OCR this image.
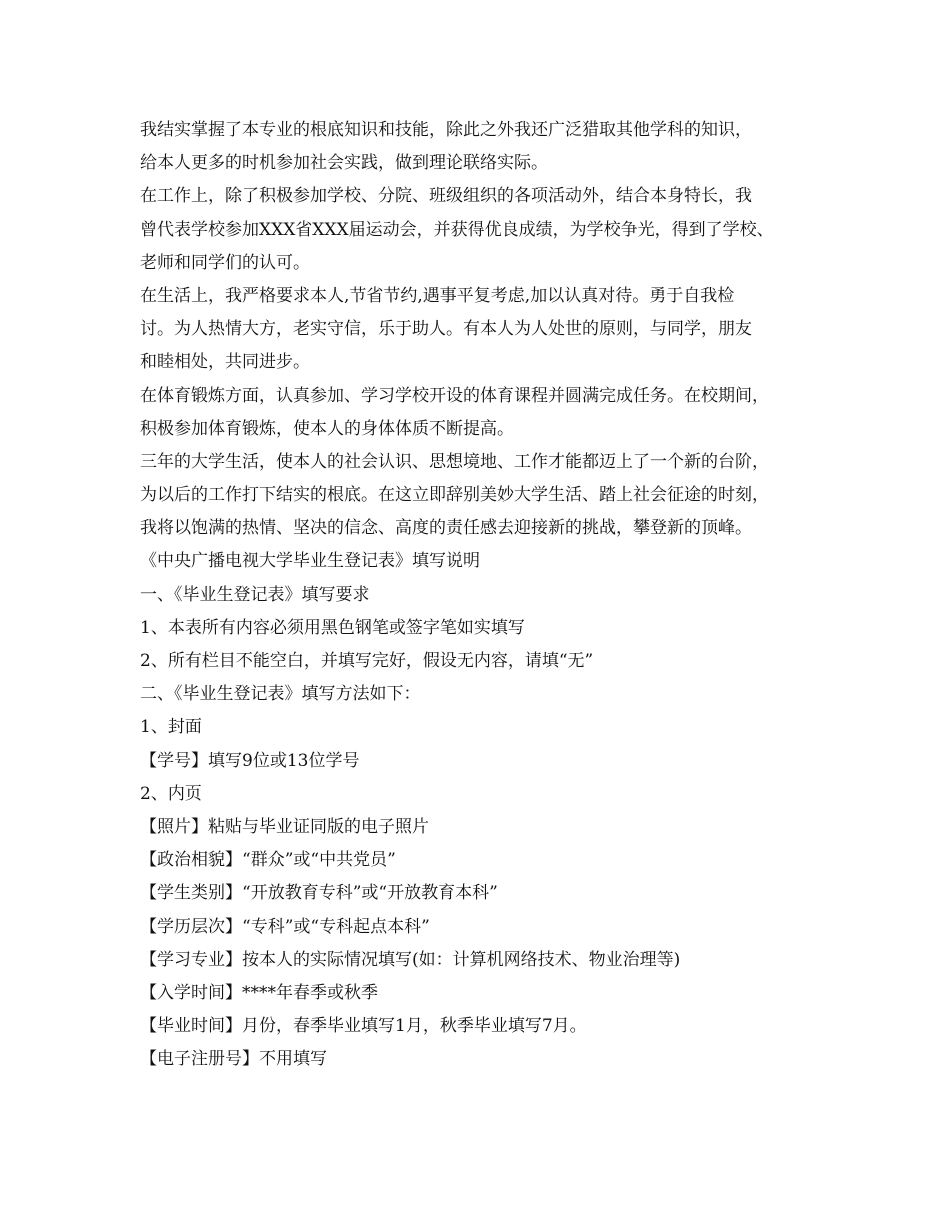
我结实掌握了本专业的根底知识和技能，除此之外我还广泛猎取其他学科的知识，
给本人更多的时机参加社会实践，做到理论联络实际。
在工作上，除了积极参加学校、分院、班级组织的各项活动外，结合本身特长，我
曾代表学校参加XXX省XXX届运动会，并获得优良成绩，为学校争光，得到了学校、
老师和同学们的认可。
在生活上，我严格要求本人,节省节约,遇事平复考虑,加以认真对待。勇于自我检
讨。为人热情大方，老实守信，乐于助人。有本人为人处世的原则，与同学，朋友
和睦相处，共同进步。
在体育锻炼方面，认真参加、学习学校开设的体育课程并圆满完成任务。在校期间，
积极参加体育锻炼，使本人的身体体质不断提高。
三年的大学生活，使本人的社会认识、思想境地、工作才能都迈上了一个新的台阶，
为以后的工作打下结实的根底。在这立即辞别美妙大学生活、踏上社会征途的时刻，
我将以饱满的热情、坚决的信念、高度的责任感去迎接新的挑战，攀登新的顶峰。
《中央广播电视大学毕业生登记表》填写说明
一、《毕业生登记表》填写要求
1、本表所有内容必须用黑色钢笔或签字笔如实填写
2、所有栏目不能空白，并填写完好，假设无内容，请填“无”
二、《毕业生登记表》填写方法如下：
1、封面
【学号】填写9位或13位学号
2、内页
【照片】粘贴与毕业证同版的电子照片
【政治相貌】“群众”或“中共党员”
【学生类别】“开放教育专科”或“开放教育本科”
【学历层次】“专科”或“专科起点本科”
【学习专业】按本人的实际情况填写(如：计算机网络技术、物业治理等)
【入学时间】****年春季或秋季
【毕业时间】月份，春季毕业填写1月，秋季毕业填写7月。
【电子注册号】不用填写
